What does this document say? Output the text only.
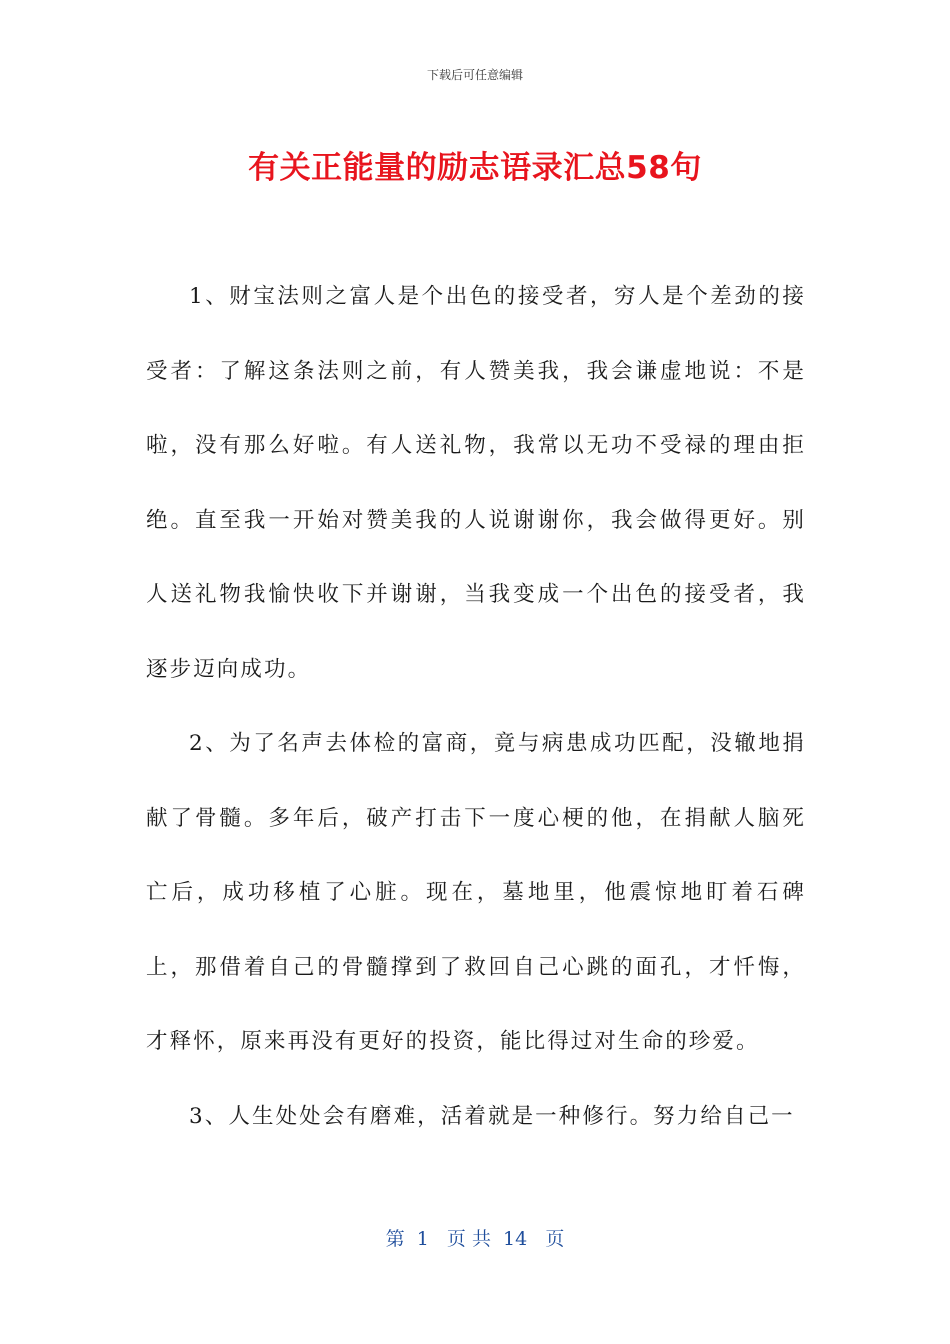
下载后可任意编辑
有关正能量的励志语录汇总58句

1、财宝法则之富人是个出色的接受者，穷人是个差劲的接受者：了解这条法则之前，有人赞美我，我会谦虚地说：不是啦，没有那么好啦。有人送礼物，我常以无功不受禄的理由拒绝。直至我一开始对赞美我的人说谢谢你，我会做得更好。别人送礼物我愉快收下并谢谢，当我变成一个出色的接受者，我逐步迈向成功。

2、为了名声去体检的富商，竟与病患成功匹配，没辙地捐献了骨髓。多年后，破产打击下一度心梗的他，在捐献人脑死亡后，成功移植了心脏。现在，墓地里，他震惊地盯着石碑上，那借着自己的骨髓撑到了救回自己心跳的面孔，才忏悔，才释怀，原来再没有更好的投资，能比得过对生命的珍爱。

3、人生处处会有磨难，活着就是一种修行。努力给自己一

第  1   页 共  14   页
